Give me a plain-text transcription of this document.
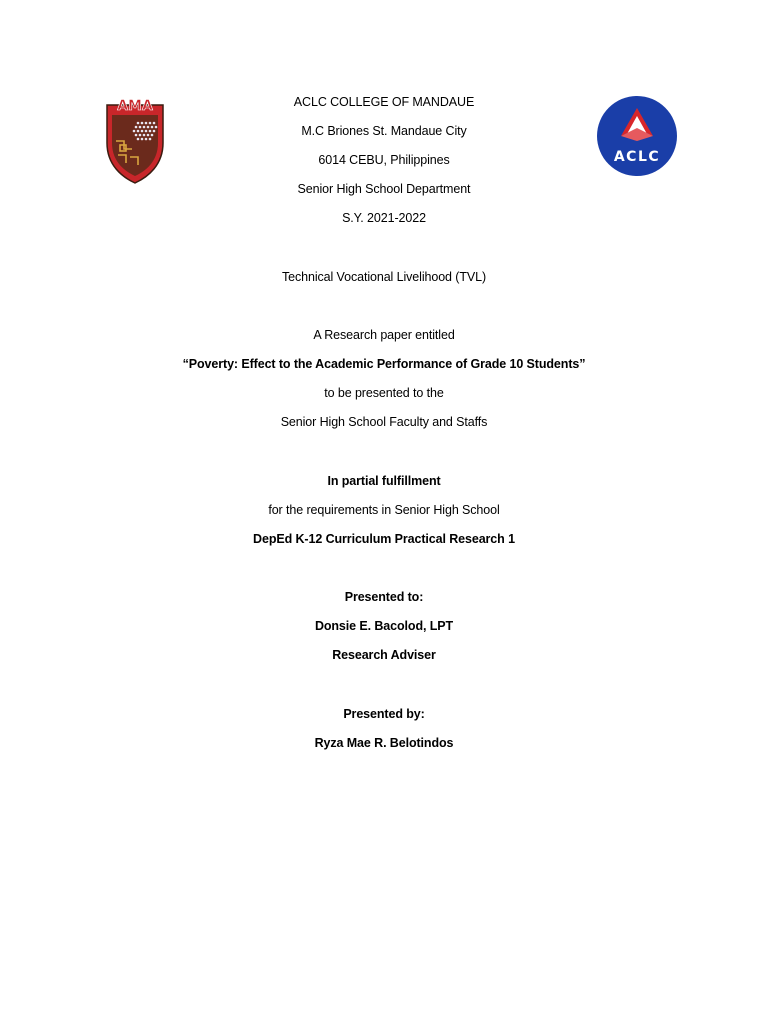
AMA
ACLC
ACLC COLLEGE OF MANDAUE
M.C Briones St. Mandaue City
6014 CEBU, Philippines
Senior High School Department
S.Y. 2021-2022
Technical Vocational Livelihood (TVL)
A Research paper entitled
“Poverty: Effect to the Academic Performance of Grade 10 Students”
to be presented to the
Senior High School Faculty and Staffs
In partial fulfillment
for the requirements in Senior High School
DepEd K-12 Curriculum Practical Research 1
Presented to:
Donsie E. Bacolod, LPT
Research Adviser
Presented by:
Ryza Mae R. Belotindos
